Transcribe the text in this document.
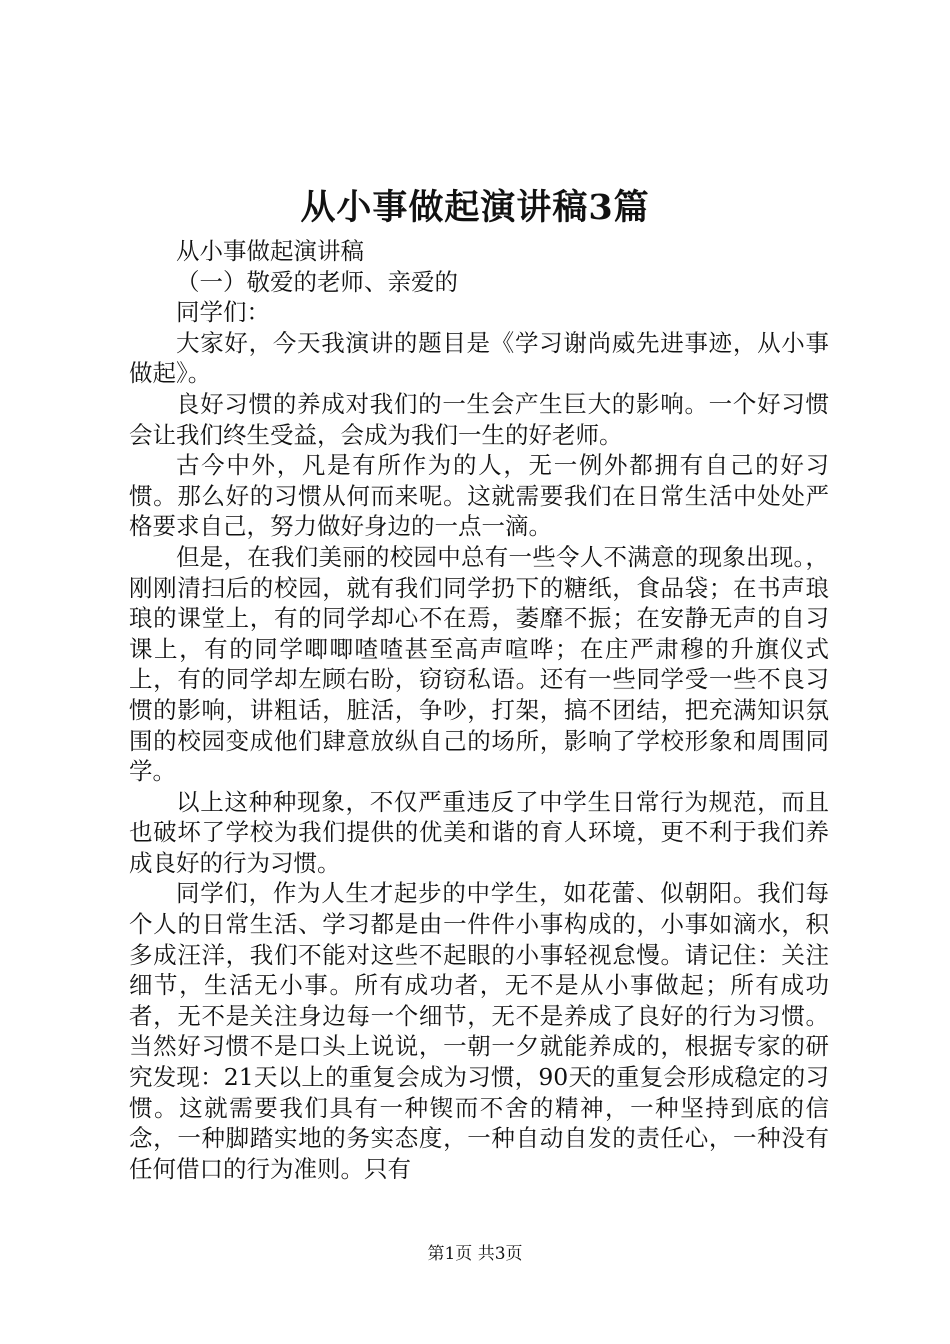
从小事做起演讲稿3篇

从小事做起演讲稿

（一）敬爱的老师、亲爱的

同学们：

大家好，今天我演讲的题目是《学习谢尚威先进事迹，从小事做起》。

良好习惯的养成对我们的一生会产生巨大的影响。一个好习惯会让我们终生受益，会成为我们一生的好老师。

古今中外，凡是有所作为的人，无一例外都拥有自己的好习惯。那么好的习惯从何而来呢。这就需要我们在日常生活中处处严格要求自己，努力做好身边的一点一滴。

但是，在我们美丽的校园中总有一些令人不满意的现象出现。，刚刚清扫后的校园，就有我们同学扔下的糖纸，食品袋；在书声琅琅的课堂上，有的同学却心不在焉，萎靡不振；在安静无声的自习课上，有的同学唧唧喳喳甚至高声喧哗；在庄严肃穆的升旗仪式上，有的同学却左顾右盼，窃窃私语。还有一些同学受一些不良习惯的影响，讲粗话，脏活，争吵，打架，搞不团结，把充满知识氛围的校园变成他们肆意放纵自己的场所，影响了学校形象和周围同学。

以上这种种现象，不仅严重违反了中学生日常行为规范，而且也破坏了学校为我们提供的优美和谐的育人环境，更不利于我们养成良好的行为习惯。

同学们，作为人生才起步的中学生，如花蕾、似朝阳。我们每个人的日常生活、学习都是由一件件小事构成的，小事如滴水，积多成汪洋，我们不能对这些不起眼的小事轻视怠慢。请记住：关注细节，生活无小事。所有成功者，无不是从小事做起；所有成功者，无不是关注身边每一个细节，无不是养成了良好的行为习惯。当然好习惯不是口头上说说，一朝一夕就能养成的，根据专家的研究发现：21天以上的重复会成为习惯，90天的重复会形成稳定的习惯。这就需要我们具有一种锲而不舍的精神，一种坚持到底的信念，一种脚踏实地的务实态度，一种自动自发的责任心，一种没有任何借口的行为准则。只有

第1页 共3页
